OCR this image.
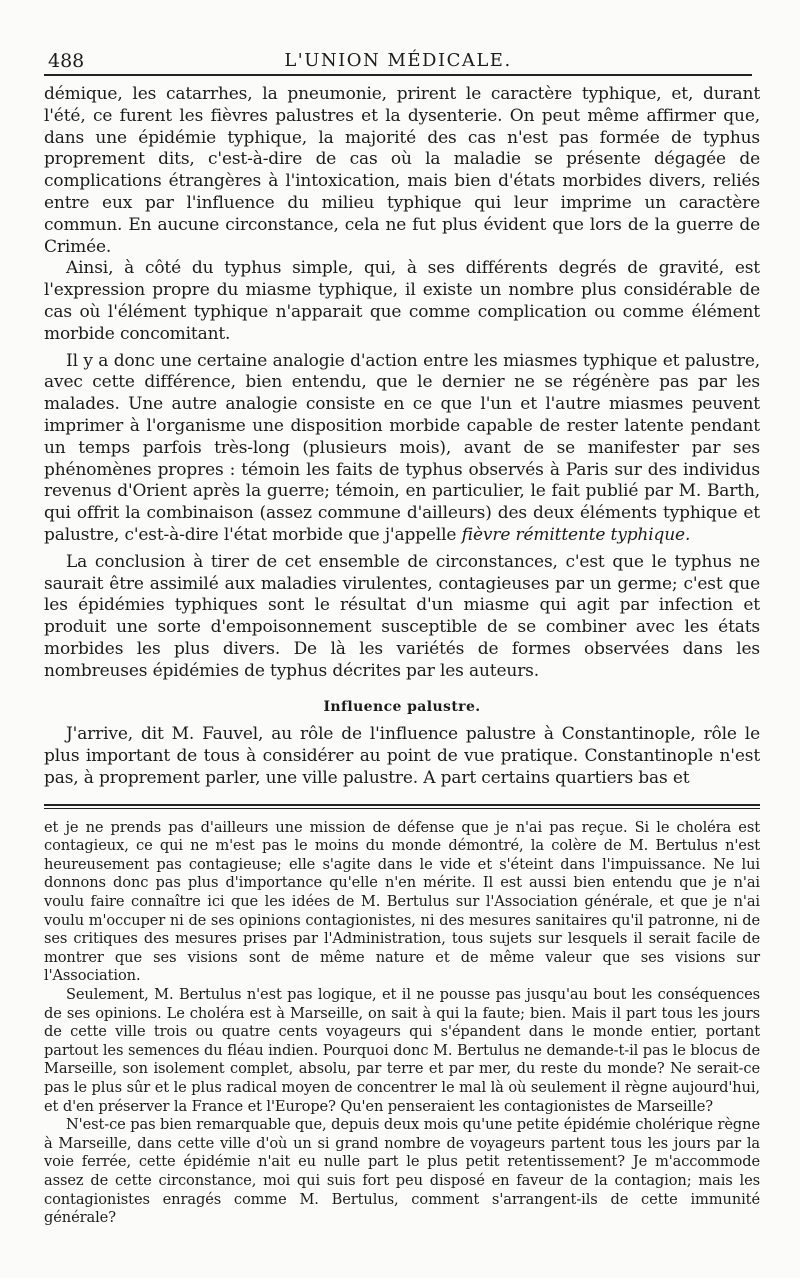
488	L'UNION MÉDICALE.

démique, les catarrhes, la pneumonie, prirent le caractère typhique, et, durant l'été, ce furent les fièvres palustres et la dysenterie. On peut même affirmer que, dans une épidémie typhique, la majorité des cas n'est pas formée de typhus proprement dits, c'est-à-dire de cas où la maladie se présente dégagée de complications étrangères à l'intoxication, mais bien d'états morbides divers, reliés entre eux par l'influence du milieu typhique qui leur imprime un caractère commun. En aucune circonstance, cela ne fut plus évident que lors de la guerre de Crimée.

Ainsi, à côté du typhus simple, qui, à ses différents degrés de gravité, est l'expression propre du miasme typhique, il existe un nombre plus considérable de cas où l'élément typhique n'apparait que comme complication ou comme élément morbide concomitant.

Il y a donc une certaine analogie d'action entre les miasmes typhique et palustre, avec cette différence, bien entendu, que le dernier ne se régénère pas par les malades. Une autre analogie consiste en ce que l'un et l'autre miasmes peuvent imprimer à l'organisme une disposition morbide capable de rester latente pendant un temps parfois très-long (plusieurs mois), avant de se manifester par ses phénomènes propres : témoin les faits de typhus observés à Paris sur des individus revenus d'Orient après la guerre; témoin, en particulier, le fait publié par M. Barth, qui offrit la combinaison (assez commune d'ailleurs) des deux éléments typhique et palustre, c'est-à-dire l'état morbide que j'appelle fièvre rémittente typhique.

La conclusion à tirer de cet ensemble de circonstances, c'est que le typhus ne saurait être assimilé aux maladies virulentes, contagieuses par un germe; c'est que les épidémies typhiques sont le résultat d'un miasme qui agit par infection et produit une sorte d'empoisonnement susceptible de se combiner avec les états morbides les plus divers. De là les variétés de formes observées dans les nombreuses épidémies de typhus décrites par les auteurs.

Influence palustre.

J'arrive, dit M. Fauvel, au rôle de l'influence palustre à Constantinople, rôle le plus important de tous à considérer au point de vue pratique. Constantinople n'est pas, à proprement parler, une ville palustre. A part certains quartiers bas et

et je ne prends pas d'ailleurs une mission de défense que je n'ai pas reçue. Si le choléra est contagieux, ce qui ne m'est pas le moins du monde démontré, la colère de M. Bertulus n'est heureusement pas contagieuse; elle s'agite dans le vide et s'éteint dans l'impuissance. Ne lui donnons donc pas plus d'importance qu'elle n'en mérite. Il est aussi bien entendu que je n'ai voulu faire connaître ici que les idées de M. Bertulus sur l'Association générale, et que je n'ai voulu m'occuper ni de ses opinions contagionistes, ni des mesures sanitaires qu'il patronne, ni de ses critiques des mesures prises par l'Administration, tous sujets sur lesquels il serait facile de montrer que ses visions sont de même nature et de même valeur que ses visions sur l'Association.

Seulement, M. Bertulus n'est pas logique, et il ne pousse pas jusqu'au bout les conséquences de ses opinions. Le choléra est à Marseille, on sait à qui la faute; bien. Mais il part tous les jours de cette ville trois ou quatre cents voyageurs qui s'épandent dans le monde entier, portant partout les semences du fléau indien. Pourquoi donc M. Bertulus ne demande-t-il pas le blocus de Marseille, son isolement complet, absolu, par terre et par mer, du reste du monde? Ne serait-ce pas le plus sûr et le plus radical moyen de concentrer le mal là où seulement il règne aujourd'hui, et d'en préserver la France et l'Europe? Qu'en penseraient les contagionistes de Marseille?

N'est-ce pas bien remarquable que, depuis deux mois qu'une petite épidémie cholérique règne à Marseille, dans cette ville d'où un si grand nombre de voyageurs partent tous les jours par la voie ferrée, cette épidémie n'ait eu nulle part le plus petit retentissement? Je m'accommode assez de cette circonstance, moi qui suis fort peu disposé en faveur de la contagion; mais les contagionistes enragés comme M. Bertulus, comment s'arrangent-ils de cette immunité générale?
